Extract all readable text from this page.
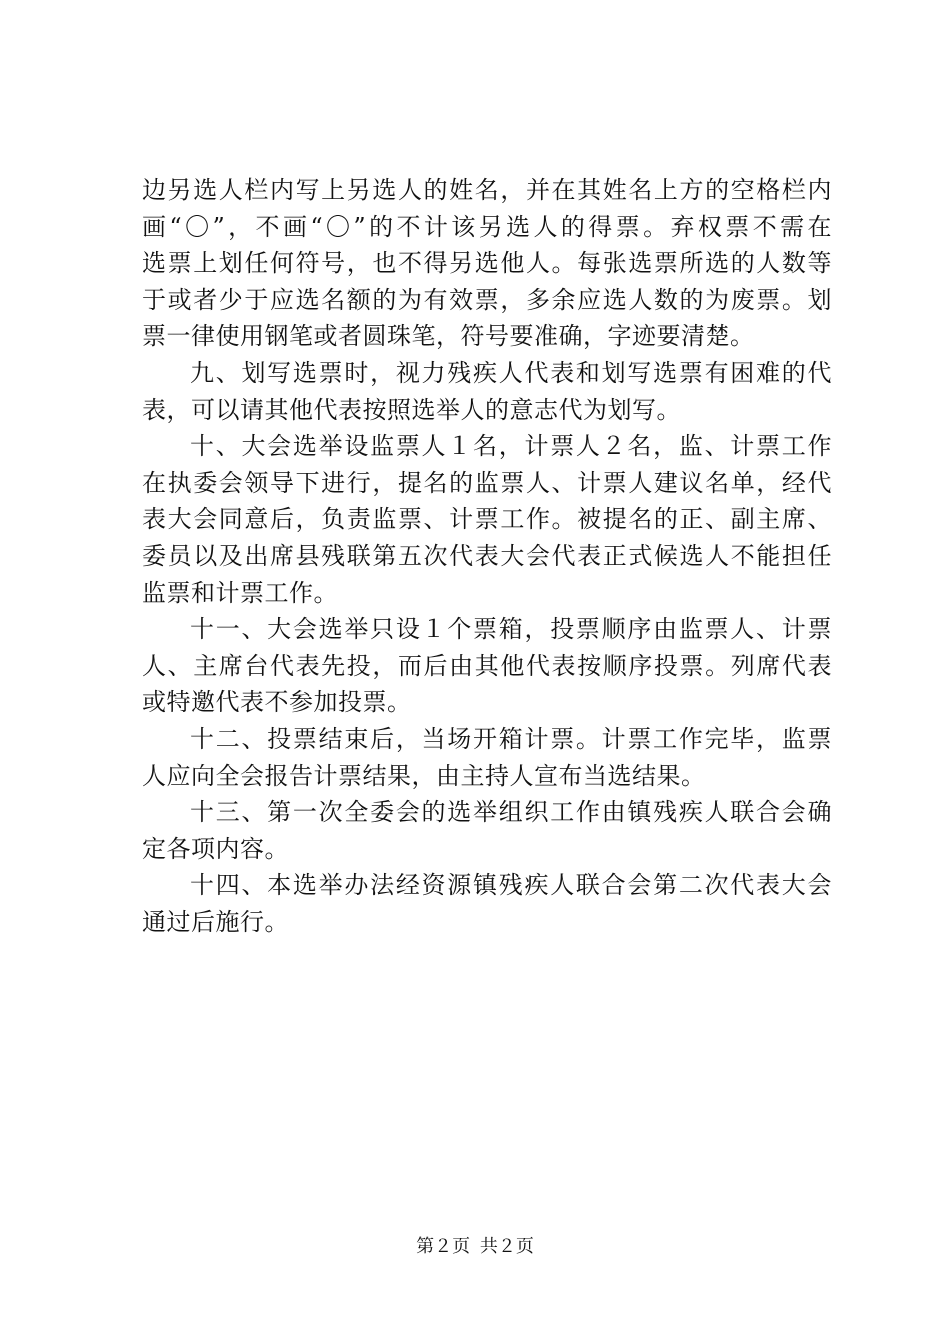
边另选人栏内写上另选人的姓名，并在其姓名上方的空格栏内
画“〇”，不画“〇”的不计该另选人的得票。弃权票不需在
选票上划任何符号，也不得另选他人。每张选票所选的人数等
于或者少于应选名额的为有效票，多余应选人数的为废票。划
票一律使用钢笔或者圆珠笔，符号要准确，字迹要清楚。
九、划写选票时，视力残疾人代表和划写选票有困难的代
表，可以请其他代表按照选举人的意志代为划写。
十、大会选举设监票人１名，计票人２名，监、计票工作
在执委会领导下进行，提名的监票人、计票人建议名单，经代
表大会同意后，负责监票、计票工作。被提名的正、副主席、
委员以及出席县残联第五次代表大会代表正式候选人不能担任
监票和计票工作。
十一、大会选举只设１个票箱，投票顺序由监票人、计票
人、主席台代表先投，而后由其他代表按顺序投票。列席代表
或特邀代表不参加投票。
十二、投票结束后，当场开箱计票。计票工作完毕，监票
人应向全会报告计票结果，由主持人宣布当选结果。
十三、第一次全委会的选举组织工作由镇残疾人联合会确
定各项内容。
十四、本选举办法经资源镇残疾人联合会第二次代表大会
通过后施行。
第２页 共２页
